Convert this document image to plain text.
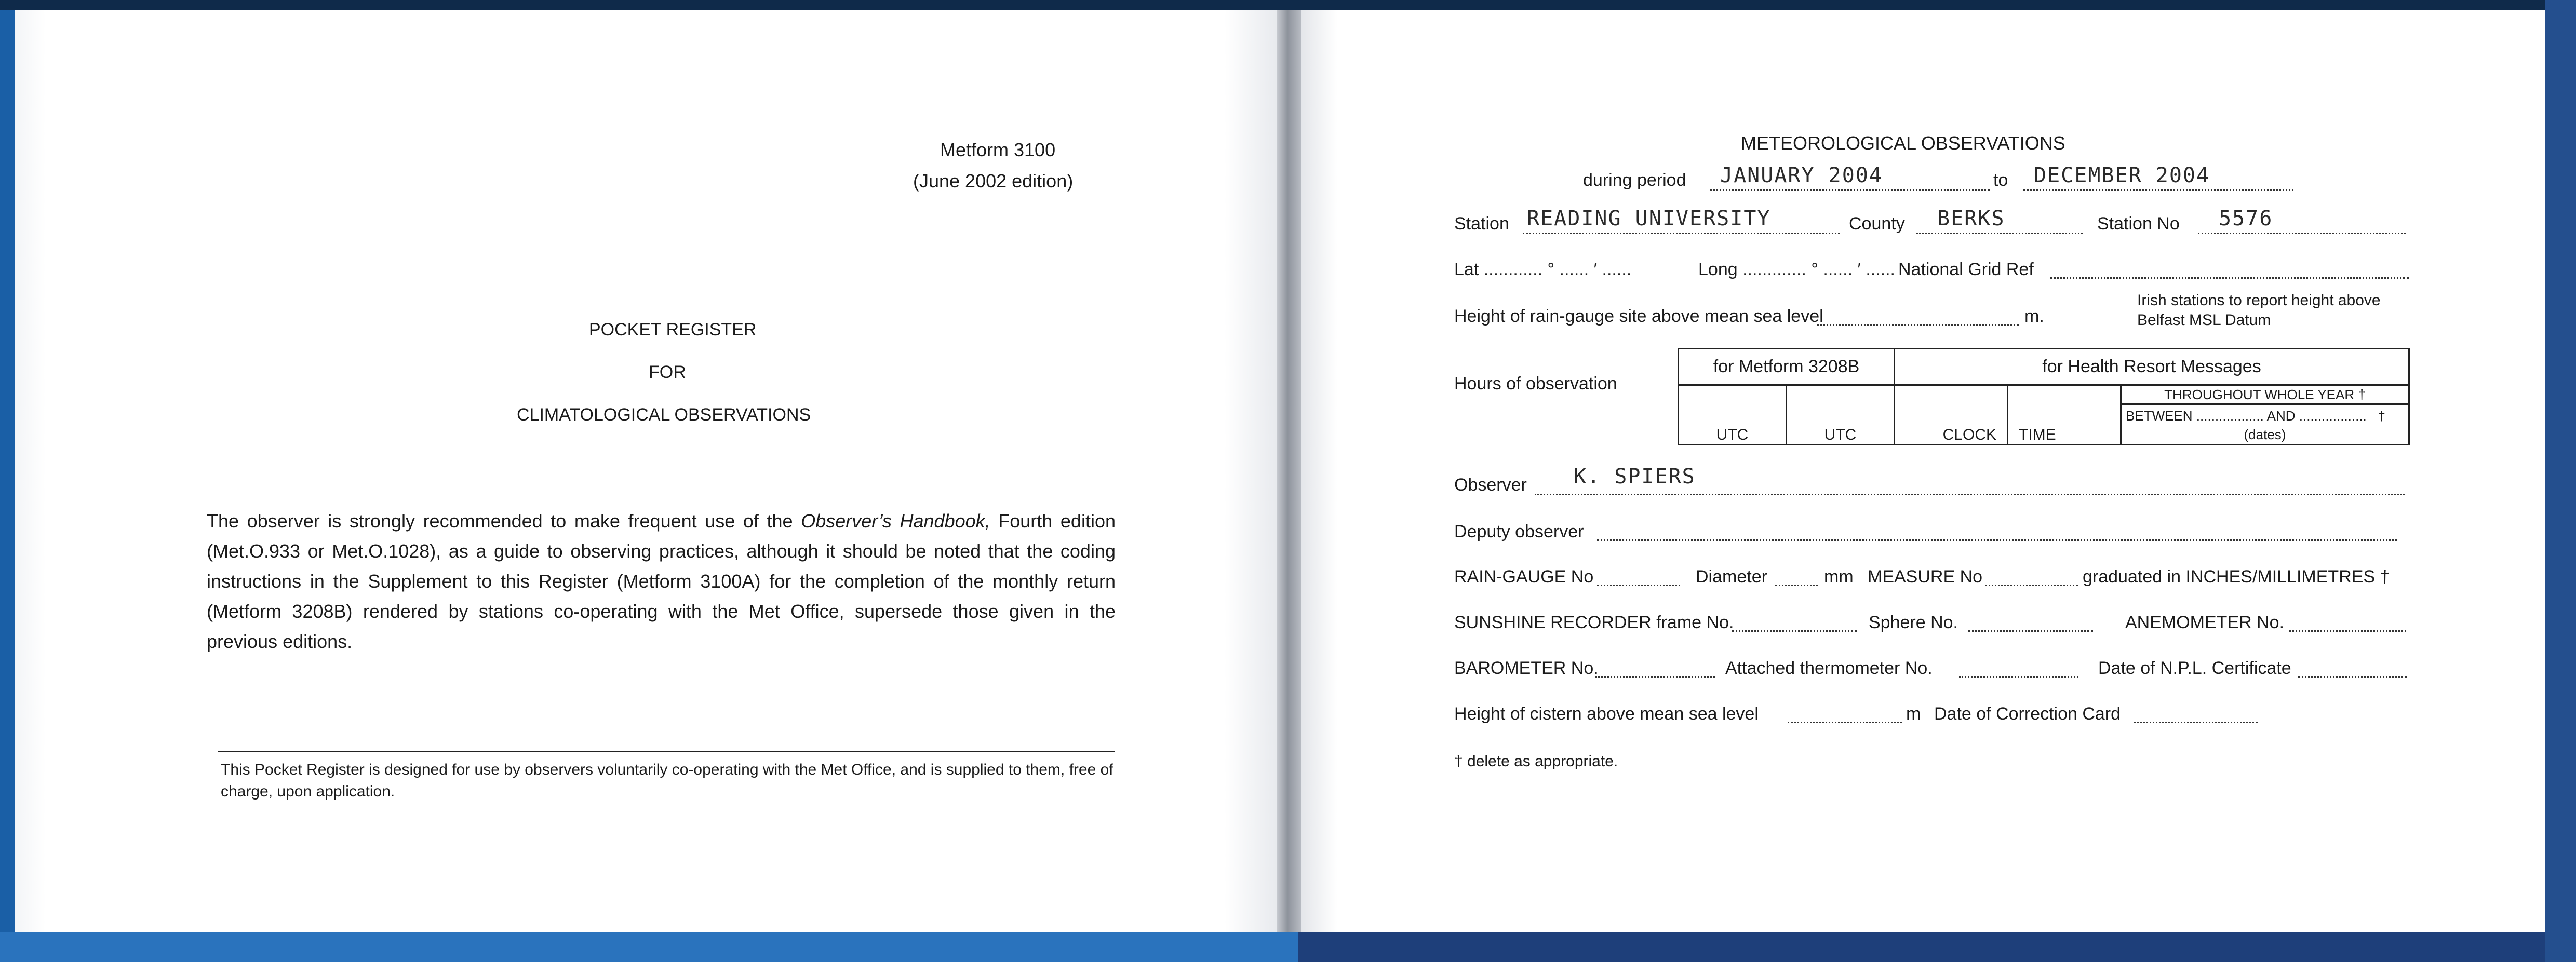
Metform 3100
(June 2002 edition)
POCKET REGISTER
FOR
CLIMATOLOGICAL OBSERVATIONS
The observer is strongly recommended to make frequent use of the Observer’s Handbook, Fourth edition (Met.O.933 or Met.O.1028), as a guide to observing practices, although it should be noted that the coding instructions in the Supplement to this Register (Metform 3100A) for the completion of the monthly return (Metform 3208B) rendered by stations co-operating with the Met Office, supersede those given in the previous editions.
This Pocket Register is designed for use by observers voluntarily co-operating with the Met Office, and is supplied to them, free of charge, upon application.
METEOROLOGICAL OBSERVATIONS
during period JANUARY 2004	to DECEMBER 2004
Station READING UNIVERSITY	County BERKS	Station No 5576
Lat ............ ° ...... ′ ......	Long ............. ° ...... ′ ...... National Grid Ref
Height of rain-gauge site above mean sea level	m.
Irish stations to report height above
Belfast MSL Datum
Hours of observation
for Metform 3208B		for Health Resort Messages		
UTC	UTC	CLOCK	TIME	THROUGHOUT WHOLE YEAR †
BETWEEN .................. AND ..................   †
(dates)
Observer K. SPIERS
Deputy observer
RAIN-GAUGE No	Diameter	mm MEASURE No	graduated in INCHES/MILLIMETRES †
SUNSHINE RECORDER frame No.	Sphere No.	ANEMOMETER No.
BAROMETER No.	Attached thermometer No.	Date of N.P.L. Certificate
Height of cistern above mean sea level	m Date of Correction Card
† delete as appropriate.
